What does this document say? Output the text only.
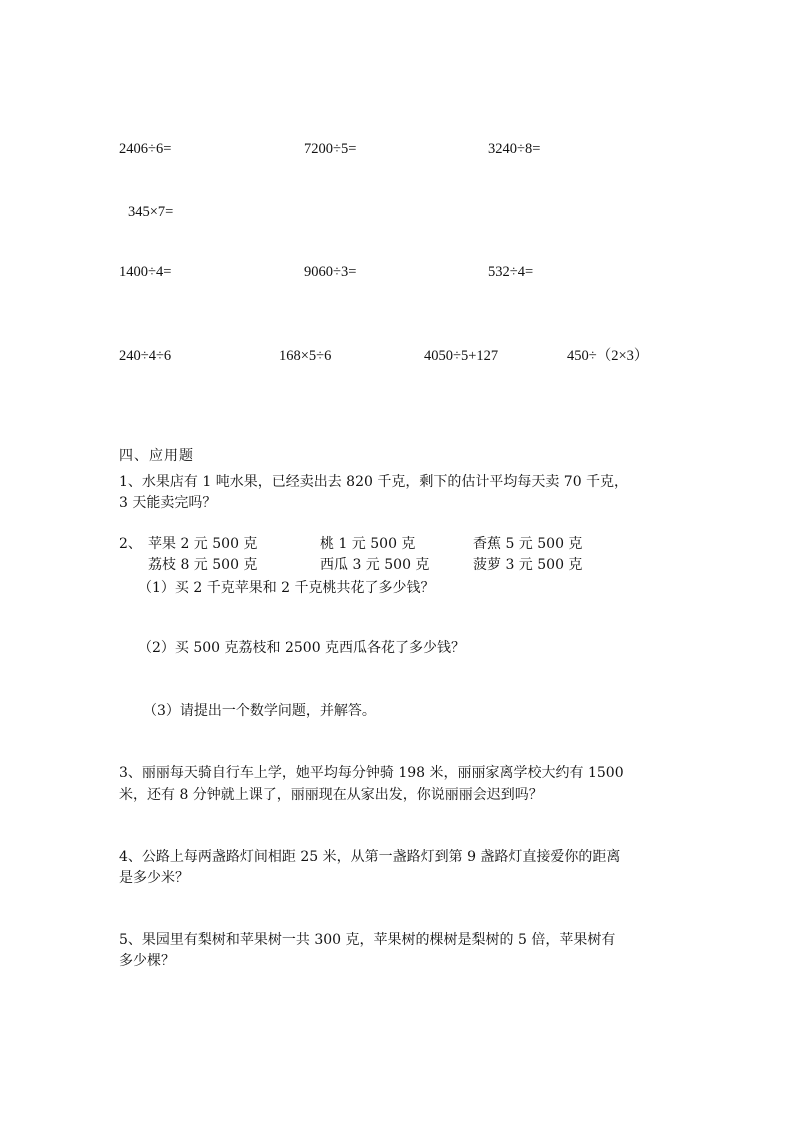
2406÷6=	7200÷5=	3240÷8=
345×7=
1400÷4=	9060÷3=	532÷4=
240÷4÷6	168×5÷6	4050÷5+127	450÷（2×3）
四、应用题
1、水果店有 1 吨水果，已经卖出去 820 千克，剩下的估计平均每天卖 70 千克，
3 天能卖完吗？
2、 苹果 2 元 500 克	桃 1 元 500 克	香蕉 5 元 500 克
荔枝 8 元 500 克	西瓜 3 元 500 克	菠萝 3 元 500 克
（1）买 2 千克苹果和 2 千克桃共花了多少钱？
（2）买 500 克荔枝和 2500 克西瓜各花了多少钱？
（3）请提出一个数学问题，并解答。
3、丽丽每天骑自行车上学，她平均每分钟骑 198 米，丽丽家离学校大约有 1500
米，还有 8 分钟就上课了，丽丽现在从家出发，你说丽丽会迟到吗？
4、公路上每两盏路灯间相距 25 米，从第一盏路灯到第 9 盏路灯直接爱你的距离
是多少米？
5、果园里有梨树和苹果树一共 300 克，苹果树的棵树是梨树的 5 倍，苹果树有
多少棵？
